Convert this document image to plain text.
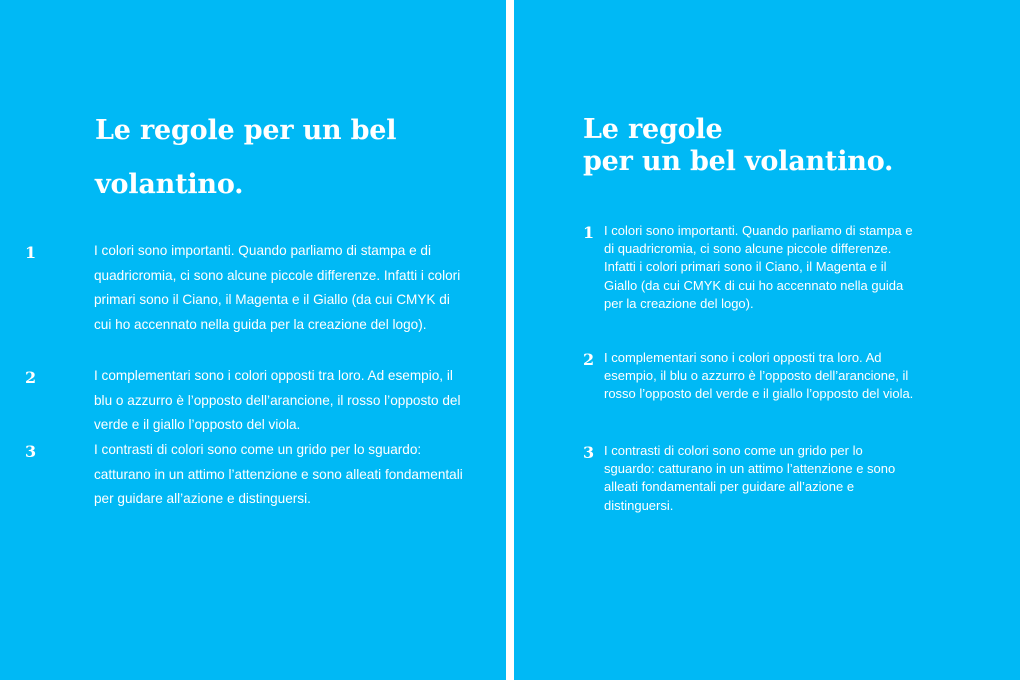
Le regole per un bel volantino.
1	I colori sono importanti. Quando parliamo di stampa e di quadricromia, ci sono alcune piccole differenze. Infatti i colori primari sono il Ciano, il Magenta e il Giallo (da cui CMYK di cui ho accennato nella guida per la creazione del logo).

2	I complementari sono i colori opposti tra loro. Ad esempio, il blu o azzurro è l’opposto dell’arancione, il rosso l’opposto del verde e il giallo l’opposto del viola.

3	I contrasti di colori sono come un grido per lo sguardo: catturano in un attimo l’attenzione e sono alleati fondamentali per guidare all’azione e distinguersi.

Le regole
per un bel volantino.
1 I colori sono importanti. Quando parliamo di stampa e di quadricromia, ci sono alcune piccole differenze. Infatti i colori primari sono il Ciano, il Magenta e il Giallo (da cui CMYK di cui ho accennato nella guida per la creazione del logo).

2 I complementari sono i colori opposti tra loro. Ad esempio, il blu o azzurro è l’opposto dell’arancione, il rosso l’opposto del verde e il giallo l’opposto del viola.

3 I contrasti di colori sono come un grido per lo sguardo: catturano in un attimo l’attenzione e sono alleati fondamentali per guidare all’azione e distinguersi.
